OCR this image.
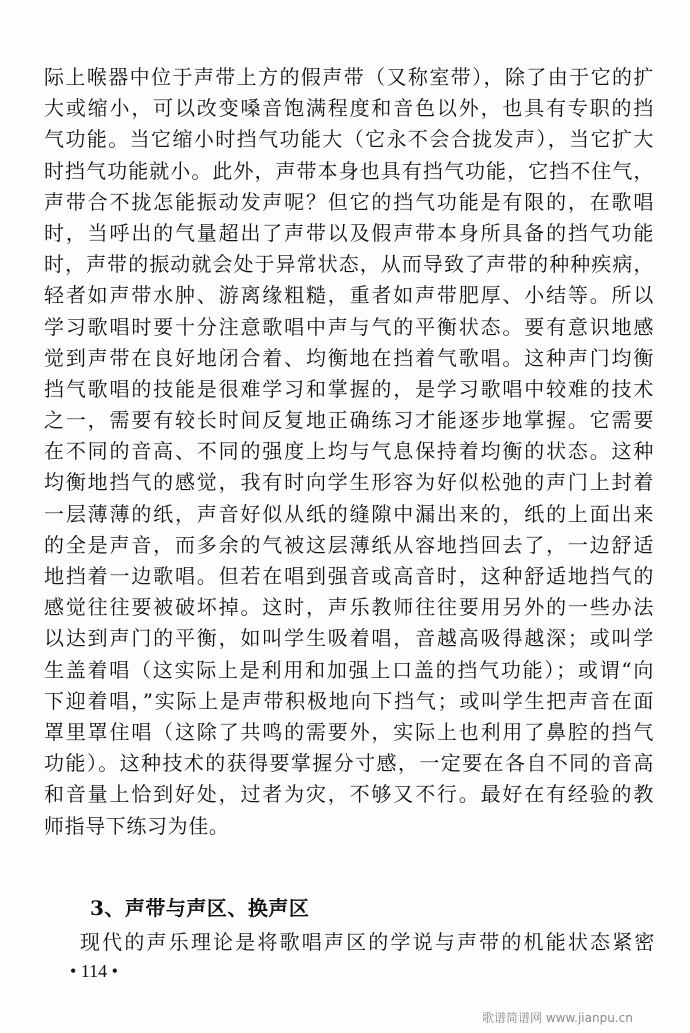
际上喉器中位于声带上方的假声带（又称室带），除了由于它的扩
大或缩小，可以改变嗓音饱满程度和音色以外，也具有专职的挡
气功能。当它缩小时挡气功能大（它永不会合拢发声），当它扩大
时挡气功能就小。此外，声带本身也具有挡气功能，它挡不住气，
声带合不拢怎能振动发声呢？但它的挡气功能是有限的，在歌唱
时，当呼出的气量超出了声带以及假声带本身所具备的挡气功能
时，声带的振动就会处于异常状态，从而导致了声带的种种疾病，
轻者如声带水肿、游离缘粗糙，重者如声带肥厚、小结等。所以
学习歌唱时要十分注意歌唱中声与气的平衡状态。要有意识地感
觉到声带在良好地闭合着、均衡地在挡着气歌唱。这种声门均衡
挡气歌唱的技能是很难学习和掌握的，是学习歌唱中较难的技术
之一，需要有较长时间反复地正确练习才能逐步地掌握。它需要
在不同的音高、不同的强度上均与气息保持着均衡的状态。这种
均衡地挡气的感觉，我有时向学生形容为好似松弛的声门上封着
一层薄薄的纸，声音好似从纸的缝隙中漏出来的，纸的上面出来
的全是声音，而多余的气被这层薄纸从容地挡回去了，一边舒适
地挡着一边歌唱。但若在唱到强音或高音时，这种舒适地挡气的
感觉往往要被破坏掉。这时，声乐教师往往要用另外的一些办法
以达到声门的平衡，如叫学生吸着唱，音越高吸得越深；或叫学
生盖着唱（这实际上是利用和加强上口盖的挡气功能）；或谓“向
下迎着唱，”实际上是声带积极地向下挡气；或叫学生把声音在面
罩里罩住唱（这除了共鸣的需要外，实际上也利用了鼻腔的挡气
功能）。这种技术的获得要掌握分寸感，一定要在各自不同的音高
和音量上恰到好处，过者为灾，不够又不行。最好在有经验的教
师指导下练习为佳。
3、声带与声区、换声区
现代的声乐理论是将歌唱声区的学说与声带的机能状态紧密
• 114 •
歌谱简谱网 www.jianpu.cn
